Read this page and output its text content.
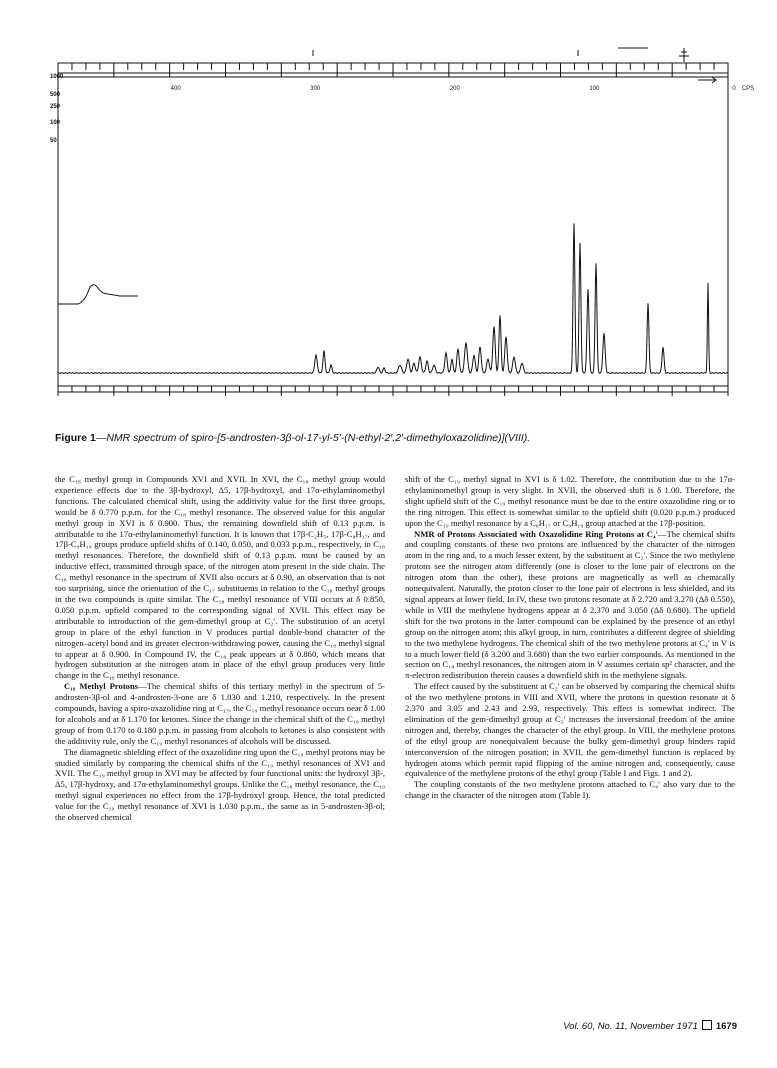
400	300	200	100	0 CPS
1000
500
250
100
50
Figure 1—NMR spectrum of spiro-[5-androsten-3β-ol-17-yl-5′-(N-ethyl-2′,2′-dimethyloxazolidine)](VIII).

the C₁₈ methyl group in Compounds XVI and XVII. In XVI, the C₁₈ methyl group would experience effects due to the 3β-hydroxyl, Δ5, 17β-hydroxyl, and 17α-ethylaminomethyl functions. The calculated chemical shift, using the additivity value for the first three groups, would be δ 0.770 p.p.m. for the C₁₈ methyl resonance. The observed value for this angular methyl group in XVI is δ 0.900. Thus, the remaining downfield shift of 0.13 p.p.m. is attributable to the 17α-ethylaminomethyl function. It is known that 17β-C₂H₅, 17β-C₈H₁₇, and 17β-C₉H₁₉ groups produce upfield shifts of 0.140, 0.050, and 0.033 p.p.m., respectively, in C₁₈ methyl resonances. Therefore, the downfield shift of 0.13 p.p.m. must be caused by an inductive effect, transmitted through space, of the nitrogen atom present in the side chain. The C₁₈ methyl resonance in the spectrum of XVII also occurs at δ 0.90, an observation that is not too surprising, since the orientation of the C₁₇ substituents in relation to the C₁₈ methyl groups in the two compounds is quite similar. The C₁₈ methyl resonance of VIII occurs at δ 0.850, 0.050 p.p.m. upfield compared to the corresponding signal of XVII. This effect may be attributable to introduction of the gem-dimethyl group at C₂′. The substitution of an acetyl group in place of the ethyl function in V produces partial double-bond character of the nitrogen–acetyl bond and its greater electron-withdrawing power, causing the C₁₈ methyl signal to appear at δ 0.900. In Compound IV, the C₁₈ peak appears at δ 0.860, which means that hydrogen substitution at the nitrogen atom in place of the ethyl group produces very little change in the C₁₈ methyl resonance.

C₁₉ Methyl Protons—The chemical shifts of this tertiary methyl in the spectrum of 5-androsten-3β-ol and 4-androsten-3-one are δ 1.030 and 1.210, respectively. In the present compounds, having a spiro-oxazolidine ring at C₁₇, the C₁₉ methyl resonance occurs near δ 1.00 for alcohols and at δ 1.170 for ketones. Since the change in the chemical shift of the C₁₉ methyl group of from 0.170 to 0.180 p.p.m. in passing from alcohols to ketones is also consistent with the additivity rule, only the C₁₉ methyl resonances of alcohols will be discussed.

The diamagnetic shielding effect of the oxazolidine ring upon the C₁₉ methyl protons may be studied similarly by comparing the chemical shifts of the C₁₉ methyl resonances of XVI and XVII. The C₁₉ methyl group in XVI may be affected by four functional units: the hydroxyl 3β-, Δ5, 17β-hydroxy, and 17α-ethylaminomethyl groups. Unlike the C₁₈ methyl resonance, the C₁₉ methyl signal experiences no effect from the 17β-hydroxyl group. Hence, the total predicted value for the C₁₉ methyl resonance of XVI is 1.030 p.p.m., the same as in 5-androsten-3β-ol; the observed chemical

shift of the C₁₉ methyl signal in XVI is δ 1.02. Therefore, the contribution due to the 17α-ethylaminomethyl group is very slight. In XVII, the observed shift is δ 1.00. Therefore, the slight upfield shift of the C₁₉ methyl resonance must be due to the entire oxazolidine ring or to the ring nitrogen. This effect is somewhat similar to the upfield shift (0.020 p.p.m.) produced upon the C₁₉ methyl resonance by a C₈H₁₇ or C₉H₁₉ group attached at the 17β-position.

NMR of Protons Associated with Oxazolidine Ring Protons at C₄′—The chemical shifts and coupling constants of these two protons are influenced by the character of the nitrogen atom in the ring and, to a much lesser extent, by the substituent at C₂′. Since the two methylene protons see the nitrogen atom differently (one is closer to the lone pair of electrons on the nitrogen atom than the other), these protons are magnetically as well as chemically nonequivalent. Naturally, the proton closer to the lone pair of electrons is less shielded, and its signal appears at lower field. In IV, these two protons resonate at δ 2.720 and 3.270 (Δδ 0.550), while in VIII the methylene hydrogens appear at δ 2.370 and 3.050 (Δδ 0.680). The upfield shift for the two protons in the latter compound can be explained by the presence of an ethyl group on the nitrogen atom; this alkyl group, in turn, contributes a different degree of shielding to the two methylene hydrogens. The chemical shift of the two methylene protons at C₄′ in V is to a much lower field (δ 3.200 and 3.680) than the two earlier compounds. As mentioned in the section on C₁₈ methyl resonances, the nitrogen atom in V assumes certain sp² character, and the π-electron redistribution therein causes a downfield shift in the methylene signals.

The effect caused by the substituent at C₂′ can be observed by comparing the chemical shifts of the two methylene protons in VIII and XVII, where the protons in question resonate at δ 2.370 and 3.05 and 2.43 and 2.93, respectively. This effect is somewhat indirect. The elimination of the gem-dimethyl group at C₂′ increases the inversional freedom of the amine nitrogen and, thereby, changes the character of the ethyl group. In VIII, the methylene protons of the ethyl group are nonequivalent because the bulky gem-dimethyl group hinders rapid interconversion of the nitrogen position; in XVII, the gem-dimethyl function is replaced by hydrogen atoms which permit rapid flipping of the amine nitrogen and, consequently, cause equivalence of the methylene protons of the ethyl group (Table I and Figs. 1 and 2).

The coupling constants of the two methylene protons attached to C₄′ also vary due to the change in the character of the nitrogen atom (Table I).

Vol. 60, No. 11, November 1971 1679
